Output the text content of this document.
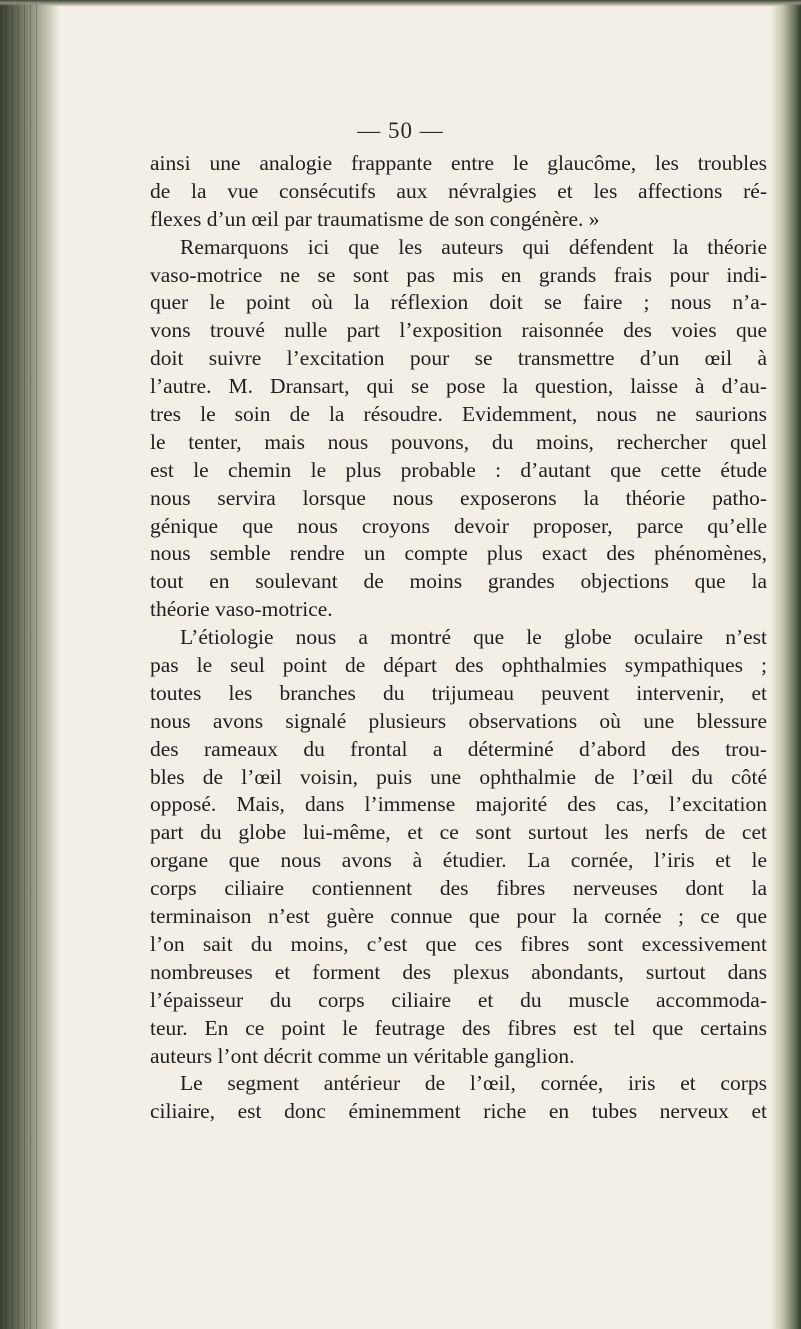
— 50 —
ainsi une analogie frappante entre le glaucôme, les troubles
de la vue consécutifs aux névralgies et les affections ré-
flexes d’un œil par traumatisme de son congénère. »
Remarquons ici que les auteurs qui défendent la théorie
vaso-motrice ne se sont pas mis en grands frais pour indi-
quer le point où la réflexion doit se faire ; nous n’a-
vons trouvé nulle part l’exposition raisonnée des voies que
doit suivre l’excitation pour se transmettre d’un œil à
l’autre. M. Dransart, qui se pose la question, laisse à d’au-
tres le soin de la résoudre. Evidemment, nous ne saurions
le tenter, mais nous pouvons, du moins, rechercher quel
est le chemin le plus probable : d’autant que cette étude
nous servira lorsque nous exposerons la théorie patho-
génique que nous croyons devoir proposer, parce qu’elle
nous semble rendre un compte plus exact des phénomènes,
tout en soulevant de moins grandes objections que la
théorie vaso-motrice.
L’étiologie nous a montré que le globe oculaire n’est
pas le seul point de départ des ophthalmies sympathiques ;
toutes les branches du trijumeau peuvent intervenir, et
nous avons signalé plusieurs observations où une blessure
des rameaux du frontal a déterminé d’abord des trou-
bles de l’œil voisin, puis une ophthalmie de l’œil du côté
opposé. Mais, dans l’immense majorité des cas, l’excitation
part du globe lui-même, et ce sont surtout les nerfs de cet
organe que nous avons à étudier. La cornée, l’iris et le
corps ciliaire contiennent des fibres nerveuses dont la
terminaison n’est guère connue que pour la cornée ; ce que
l’on sait du moins, c’est que ces fibres sont excessivement
nombreuses et forment des plexus abondants, surtout dans
l’épaisseur du corps ciliaire et du muscle accommoda-
teur. En ce point le feutrage des fibres est tel que certains
auteurs l’ont décrit comme un véritable ganglion.
Le segment antérieur de l’œil, cornée, iris et corps
ciliaire, est donc éminemment riche en tubes nerveux et
